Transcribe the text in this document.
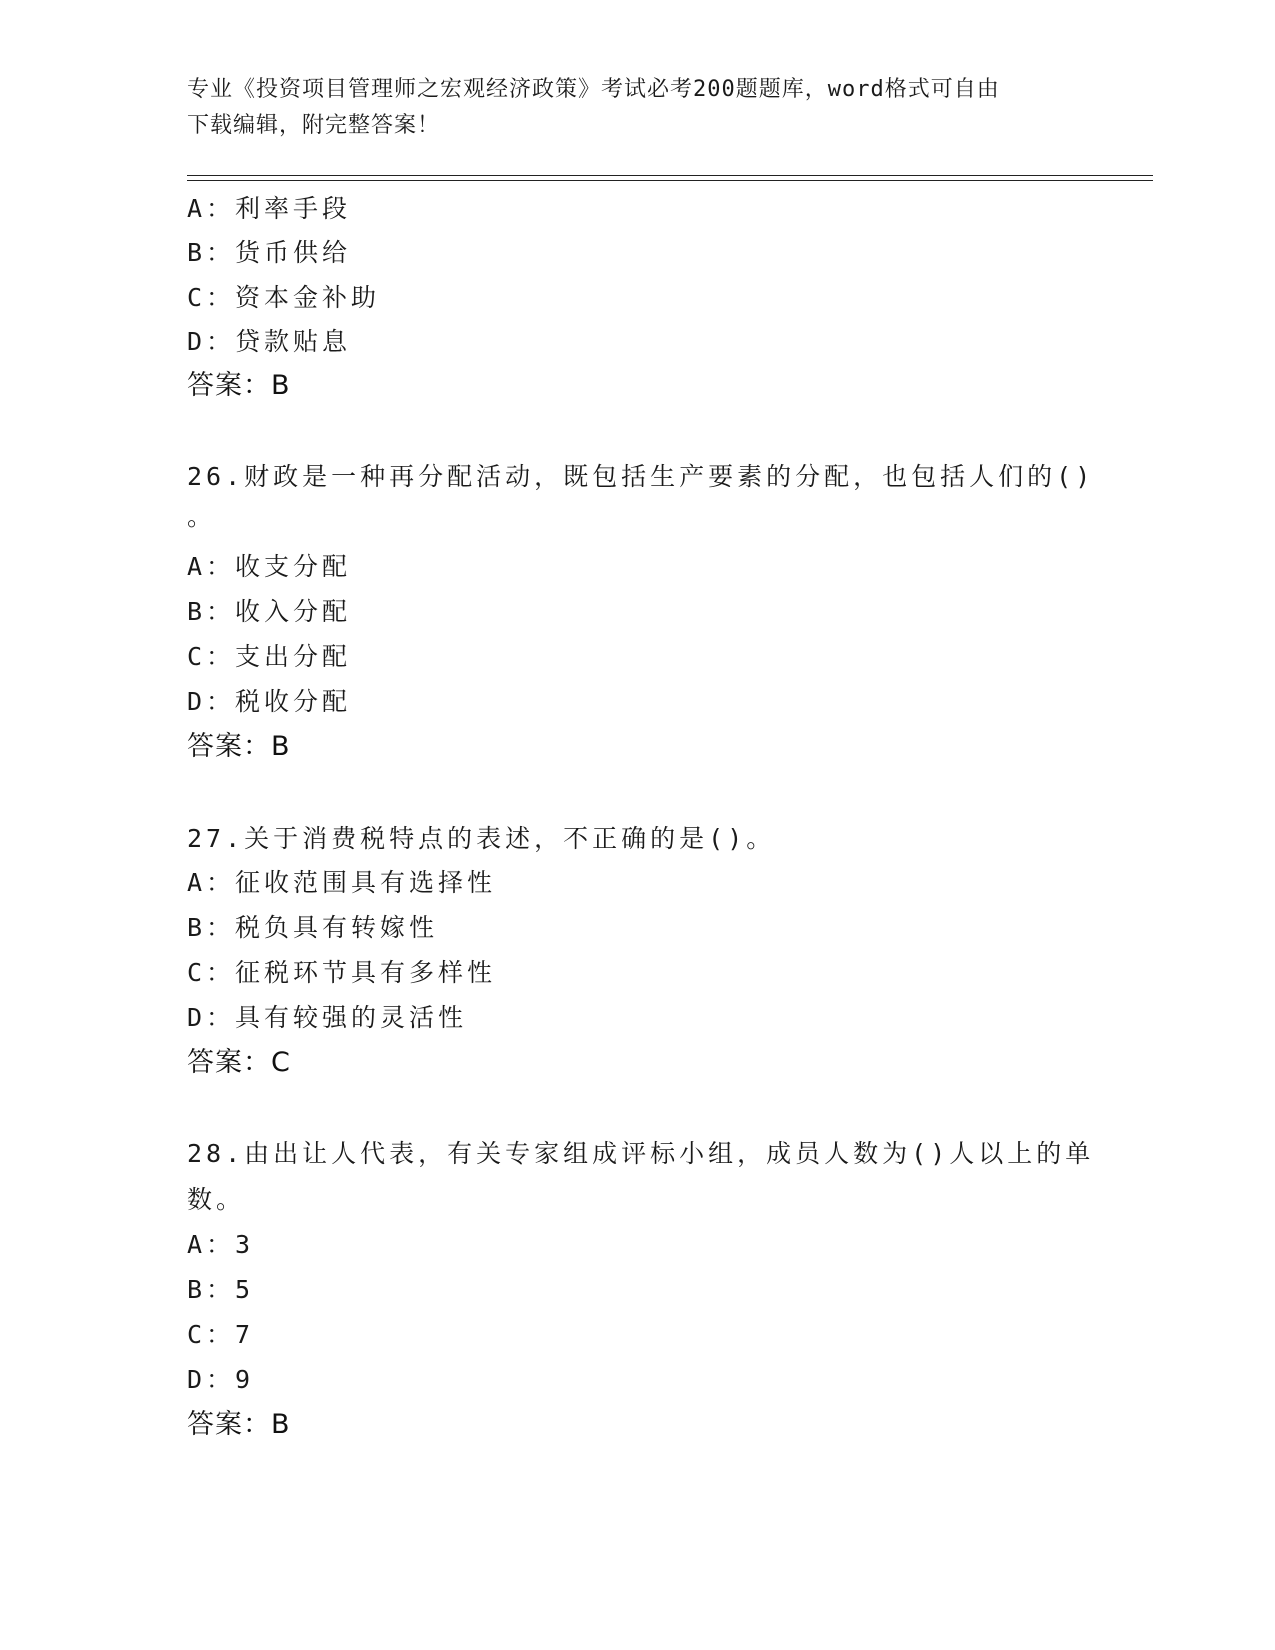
专业《投资项目管理师之宏观经济政策》考试必考200题题库，word格式可自由
下载编辑，附完整答案！
A：利率手段
B：货币供给
C：资本金补助
D：贷款贴息
答案：B
26.财政是一种再分配活动，既包括生产要素的分配，也包括人们的()
。
A：收支分配
B：收入分配
C：支出分配
D：税收分配
答案：B
27.关于消费税特点的表述，不正确的是()。
A：征收范围具有选择性
B：税负具有转嫁性
C：征税环节具有多样性
D：具有较强的灵活性
答案：C
28.由出让人代表，有关专家组成评标小组，成员人数为()人以上的单
数。
A：3
B：5
C：7
D：9
答案：B
